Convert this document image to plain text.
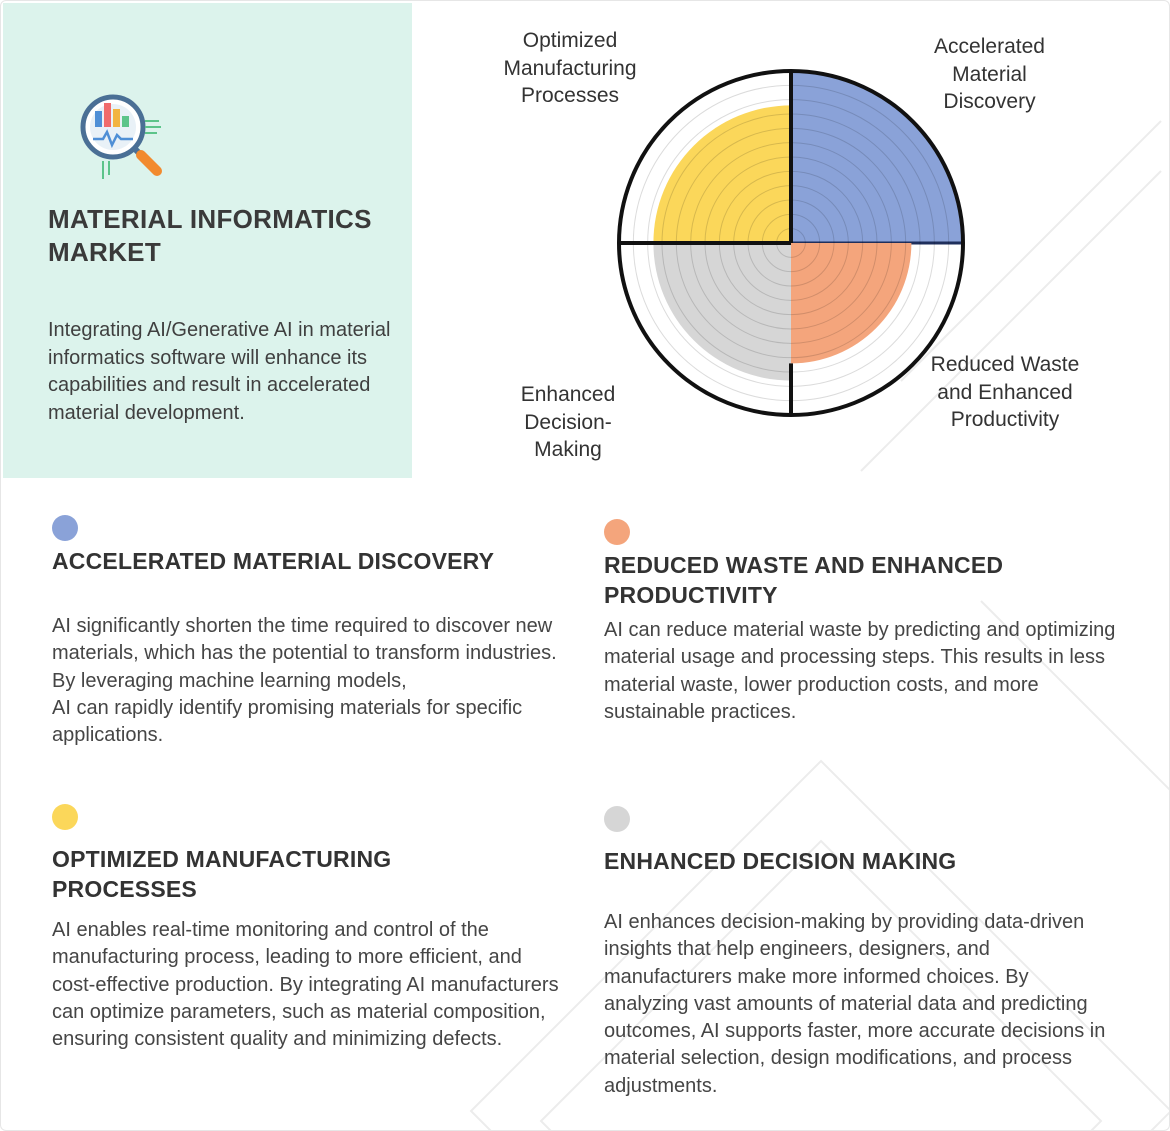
MATERIAL INFORMATICS MARKET
Integrating AI/Generative AI in material informatics software will enhance its capabilities and result in accelerated material development.
Optimized Manufacturing Processes
Accelerated Material Discovery
Reduced Waste and Enhanced Productivity
Enhanced Decision-Making
ACCELERATED MATERIAL DISCOVERY
AI significantly shorten the time required to discover new materials, which has the potential to transform industries. By leveraging machine learning models,
AI can rapidly identify promising materials for specific applications.
REDUCED WASTE AND ENHANCED PRODUCTIVITY
AI can reduce material waste by predicting and optimizing material usage and processing steps. This results in less material waste, lower production costs, and more sustainable practices.
OPTIMIZED MANUFACTURING PROCESSES
AI enables real-time monitoring and control of the manufacturing process, leading to more efficient, and cost-effective production. By integrating AI manufacturers can optimize parameters, such as material composition, ensuring consistent quality and minimizing defects.
ENHANCED DECISION MAKING
AI enhances decision-making by providing data-driven insights that help engineers, designers, and manufacturers make more informed choices. By analyzing vast amounts of material data and predicting outcomes, AI supports faster, more accurate decisions in material selection, design modifications, and process adjustments.
